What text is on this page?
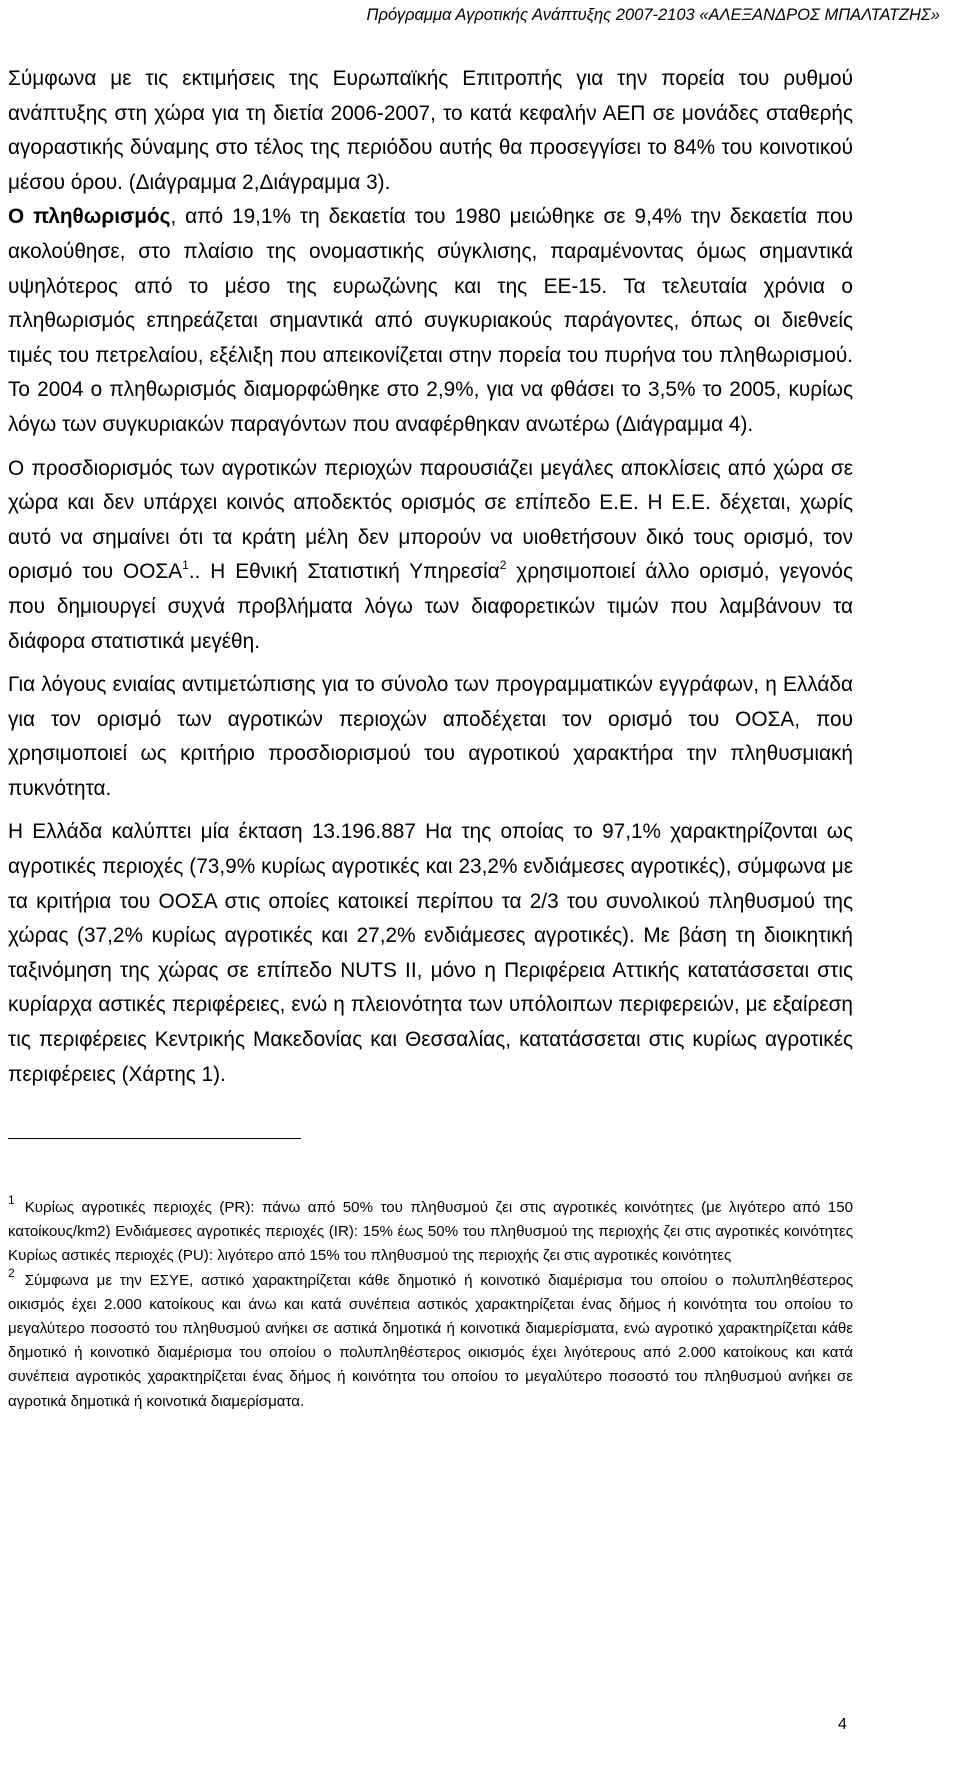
Πρόγραμμα Αγροτικής Ανάπτυξης 2007-2103 «ΑΛΕΞΑΝΔΡΟΣ ΜΠΑΛΤΑΤΖΗΣ»

Σύμφωνα με τις εκτιμήσεις της Ευρωπαϊκής Επιτροπής για την πορεία του ρυθμού ανάπτυξης στη χώρα για τη διετία 2006-2007, το κατά κεφαλήν ΑΕΠ σε μονάδες σταθερής αγοραστικής δύναμης στο τέλος της περιόδου αυτής θα προσεγγίσει το 84% του κοινοτικού μέσου όρου. (Διάγραμμα 2,Διάγραμμα 3).

Ο πληθωρισμός, από 19,1% τη δεκαετία του 1980 μειώθηκε σε 9,4% την δεκαετία που ακολούθησε, στο πλαίσιο της ονομαστικής σύγκλισης, παραμένοντας όμως σημαντικά υψηλότερος από το μέσο της ευρωζώνης και της ΕΕ-15. Τα τελευταία χρόνια ο πληθωρισμός επηρεάζεται σημαντικά από συγκυριακούς παράγοντες, όπως οι διεθνείς τιμές του πετρελαίου, εξέλιξη που απεικονίζεται στην πορεία του πυρήνα του πληθωρισμού. Το 2004 ο πληθωρισμός διαμορφώθηκε στο 2,9%, για να φθάσει το 3,5% το 2005, κυρίως λόγω των συγκυριακών παραγόντων που αναφέρθηκαν ανωτέρω (Διάγραμμα 4).

Ο προσδιορισμός των αγροτικών περιοχών παρουσιάζει μεγάλες αποκλίσεις από χώρα σε χώρα και δεν υπάρχει κοινός αποδεκτός ορισμός σε επίπεδο Ε.Ε. Η Ε.Ε. δέχεται, χωρίς αυτό να σημαίνει ότι τα κράτη μέλη δεν μπορούν να υιοθετήσουν δικό τους ορισμό, τον ορισμό του ΟΟΣΑ$^1$.. Η Εθνική Στατιστική Υπηρεσία$^2$ χρησιμοποιεί άλλο ορισμό, γεγονός που δημιουργεί συχνά προβλήματα λόγω των διαφορετικών τιμών που λαμβάνουν τα διάφορα στατιστικά μεγέθη.

Για λόγους ενιαίας αντιμετώπισης για το σύνολο των προγραμματικών εγγράφων, η Ελλάδα για τον ορισμό των αγροτικών περιοχών αποδέχεται τον ορισμό του ΟΟΣΑ, που χρησιμοποιεί ως κριτήριο προσδιορισμού του αγροτικού χαρακτήρα την πληθυσμιακή πυκνότητα.

Η Ελλάδα καλύπτει μία έκταση 13.196.887 Ηα της οποίας το 97,1% χαρακτηρίζονται ως αγροτικές περιοχές (73,9% κυρίως αγροτικές και 23,2% ενδιάμεσες αγροτικές), σύμφωνα με τα κριτήρια του ΟΟΣΑ στις οποίες κατοικεί περίπου τα 2/3 του συνολικού πληθυσμού της χώρας (37,2% κυρίως αγροτικές και 27,2% ενδιάμεσες αγροτικές). Με βάση τη διοικητική ταξινόμηση της χώρας σε επίπεδο NUTS II, μόνο η Περιφέρεια Αττικής κατατάσσεται στις κυρίαρχα αστικές περιφέρειες, ενώ η πλειονότητα των υπόλοιπων περιφερειών, με εξαίρεση τις περιφέρειες Κεντρικής Μακεδονίας και Θεσσαλίας, κατατάσσεται στις κυρίως αγροτικές περιφέρειες (Χάρτης 1).

$^1$ Κυρίως αγροτικές περιοχές (PR): πάνω από 50% του πληθυσμού ζει στις αγροτικές κοινότητες (με λιγότερο από 150 κατοίκους/km2) Ενδιάμεσες αγροτικές περιοχές (IR): 15% έως 50% του πληθυσμού της περιοχής ζει στις αγροτικές κοινότητες Κυρίως αστικές περιοχές (PU): λιγότερο από 15% του πληθυσμού της περιοχής ζει στις αγροτικές κοινότητες

$^2$ Σύμφωνα με την ΕΣΥΕ, αστικό χαρακτηρίζεται κάθε δημοτικό ή κοινοτικό διαμέρισμα του οποίου ο πολυπληθέστερος οικισμός έχει 2.000 κατοίκους και άνω και κατά συνέπεια αστικός χαρακτηρίζεται ένας δήμος ή κοινότητα του οποίου το μεγαλύτερο ποσοστό του πληθυσμού ανήκει σε αστικά δημοτικά ή κοινοτικά διαμερίσματα, ενώ αγροτικό χαρακτηρίζεται κάθε δημοτικό ή κοινοτικό διαμέρισμα του οποίου ο πολυπληθέστερος οικισμός έχει λιγότερους από 2.000 κατοίκους και κατά συνέπεια αγροτικός χαρακτηρίζεται ένας δήμος ή κοινότητα του οποίου το μεγαλύτερο ποσοστό του πληθυσμού ανήκει σε αγροτικά δημοτικά ή κοινοτικά διαμερίσματα.

4
